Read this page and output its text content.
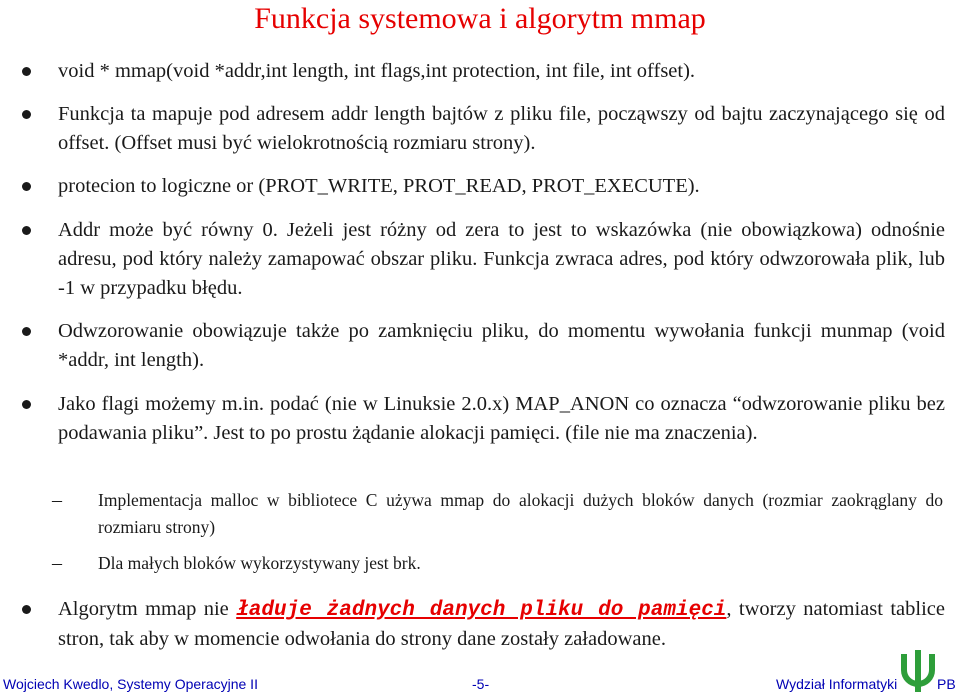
Funkcja systemowa i algorytm mmap
void * mmap(void *addr,int length, int flags,int protection, int file, int offset).
Funkcja ta mapuje pod adresem addr length bajtów z pliku file, począwszy od bajtu zaczynającego się od offset. (Offset musi być wielokrotnością rozmiaru strony).
protecion to logiczne or (PROT_WRITE, PROT_READ, PROT_EXECUTE).
Addr może być równy 0. Jeżeli jest różny od zera to jest to wskazówka (nie obowiązkowa) odnośnie adresu, pod który należy zamapować obszar pliku. Funkcja zwraca adres, pod który odwzorowała plik, lub -1 w przypadku błędu.
Odwzorowanie obowiązuje także po zamknięciu pliku, do momentu wywołania funkcji munmap (void *addr, int length).
Jako flagi możemy m.in. podać (nie w Linuksie 2.0.x) MAP_ANON co oznacza “odwzorowanie pliku bez podawania pliku”. Jest to po prostu żądanie alokacji pamięci. (file nie ma znaczenia).
– Implementacja malloc w bibliotece C używa mmap do alokacji dużych bloków danych (rozmiar zaokrąglany do rozmiaru strony)
– Dla małych bloków wykorzystywany jest brk.
Algorytm mmap nie ładuje żadnych danych pliku do pamięci, tworzy natomiast tablice stron, tak aby w momencie odwołania do strony dane zostały załadowane.
Wojciech Kwedlo, Systemy Operacyjne II	-5-	Wydział Informatyki	PB
